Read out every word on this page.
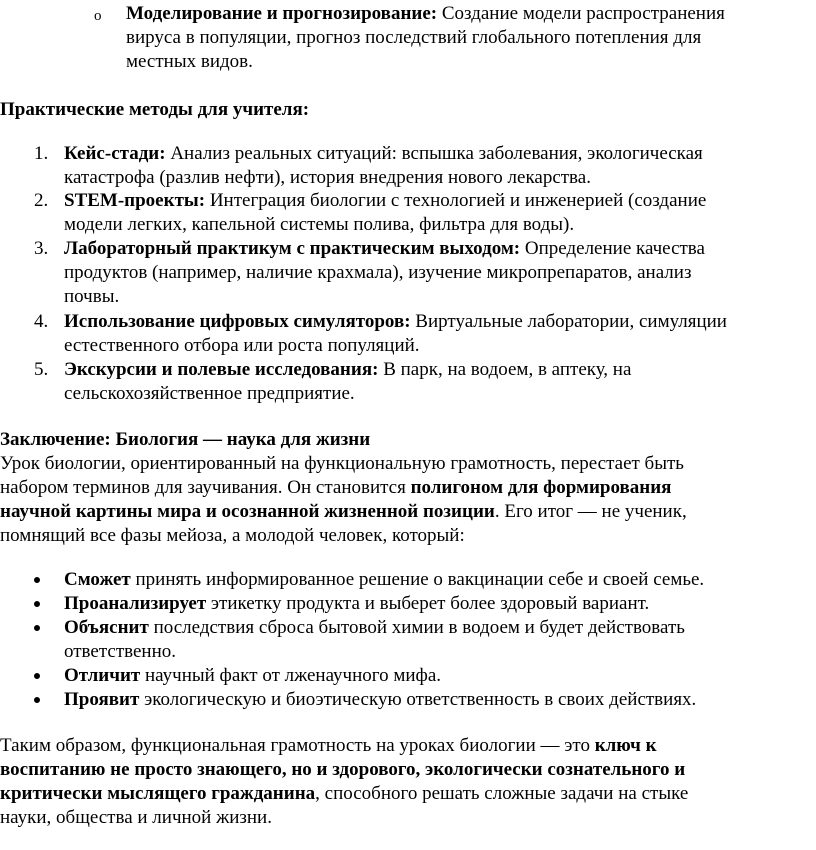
o Моделирование и прогнозирование: Создание модели распространения
вируса в популяции, прогноз последствий глобального потепления для
местных видов.
Практические методы для учителя:
1. Кейс-стади: Анализ реальных ситуаций: вспышка заболевания, экологическая
катастрофа (разлив нефти), история внедрения нового лекарства.
2. STEM-проекты: Интеграция биологии с технологией и инженерией (создание
модели легких, капельной системы полива, фильтра для воды).
3. Лабораторный практикум с практическим выходом: Определение качества
продуктов (например, наличие крахмала), изучение микропрепаратов, анализ
почвы.
4. Использование цифровых симуляторов: Виртуальные лаборатории, симуляции
естественного отбора или роста популяций.
5. Экскурсии и полевые исследования: В парк, на водоем, в аптеку, на
сельскохозяйственное предприятие.
Заключение: Биология — наука для жизни
Урок биологии, ориентированный на функциональную грамотность, перестает быть
набором терминов для заучивания. Он становится полигоном для формирования
научной картины мира и осознанной жизненной позиции. Его итог — не ученик,
помнящий все фазы мейоза, а молодой человек, который:
Сможет принять информированное решение о вакцинации себе и своей семье.
Проанализирует этикетку продукта и выберет более здоровый вариант.
Объяснит последствия сброса бытовой химии в водоем и будет действовать
ответственно.
Отличит научный факт от лженаучного мифа.
Проявит экологическую и биоэтическую ответственность в своих действиях.
Таким образом, функциональная грамотность на уроках биологии — это ключ к
воспитанию не просто знающего, но и здорового, экологически сознательного и
критически мыслящего гражданина, способного решать сложные задачи на стыке
науки, общества и личной жизни.
